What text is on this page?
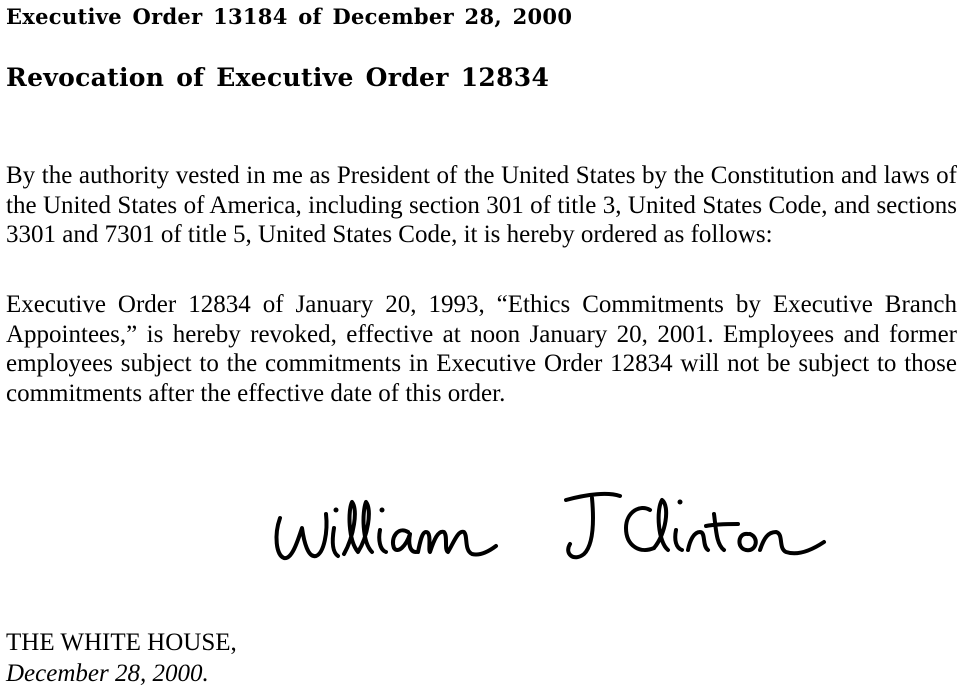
Executive Order 13184 of December 28, 2000
Revocation of Executive Order 12834

By the authority vested in me as President of the United States by the Constitution and laws of the United States of America, including section 301 of title 3, United States Code, and sections 3301 and 7301 of title 5, United States Code, it is hereby ordered as follows:

Executive Order 12834 of January 20, 1993, “Ethics Commitments by Executive Branch Appointees,” is hereby revoked, effective at noon January 20, 2001. Employees and former employees subject to the commitments in Executive Order 12834 will not be subject to those commitments after the effective date of this order.

THE WHITE HOUSE,
December 28, 2000.
